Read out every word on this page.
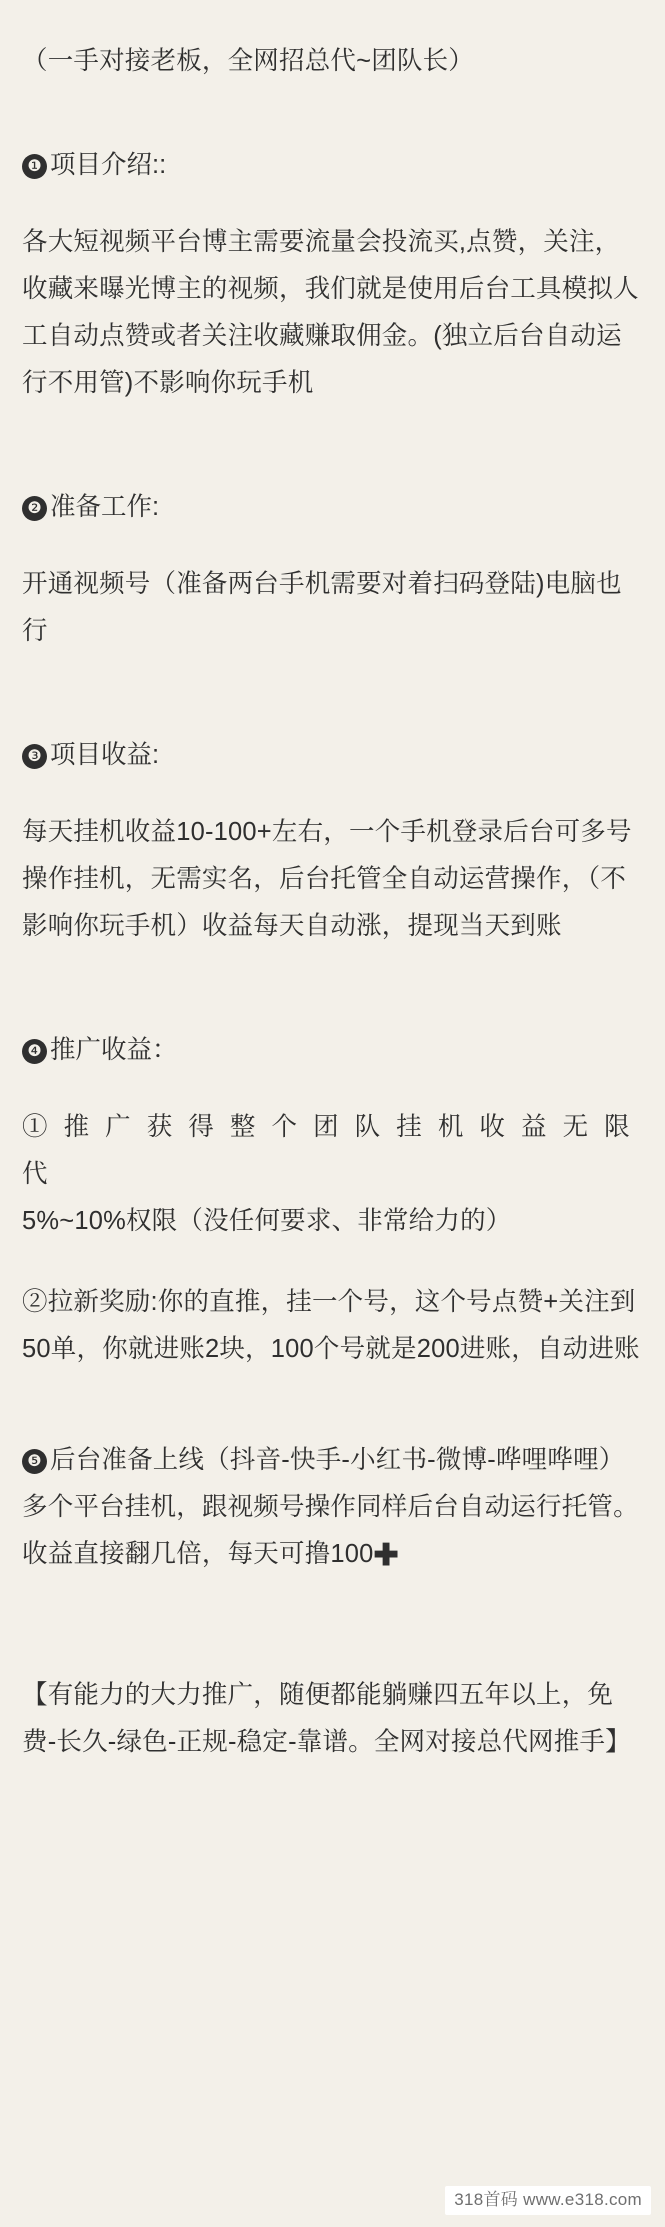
（一手对接老板，全网招总代~团队长）

❶ 项目介绍::

各大短视频平台博主需要流量会投流买,点赞，关注，收藏来曝光博主的视频，我们就是使用后台工具模拟人工自动点赞或者关注收藏赚取佣金。(独立后台自动运行不用管)不影响你玩手机

❷ 准备工作:

开通视频号（准备两台手机需要对着扫码登陆)电脑也行

❸ 项目收益:

每天挂机收益10-100+左右，一个手机登录后台可多号操作挂机，无需实名，后台托管全自动运营操作，（不影响你玩手机）收益每天自动涨，提现当天到账

❹ 推广收益：

① 推 广 获 得 整 个 团 队 挂 机 收 益 无 限 代

5%~10%权限（没任何要求、非常给力的）

②拉新奖励:你的直推，挂一个号，这个号点赞+关注到50单，你就进账2块，100个号就是200进账，自动进账

❺ 后台准备上线（抖音-快手-小红书-微博-哗哩哗哩）多个平台挂机，跟视频号操作同样后台自动运行托管。收益直接翻几倍，每天可撸100✚

【有能力的大力推广，随便都能躺赚四五年以上，免费-长久-绿色-正规-稳定-靠谱。全网对接总代网推手】

318首码 www.e318.com
